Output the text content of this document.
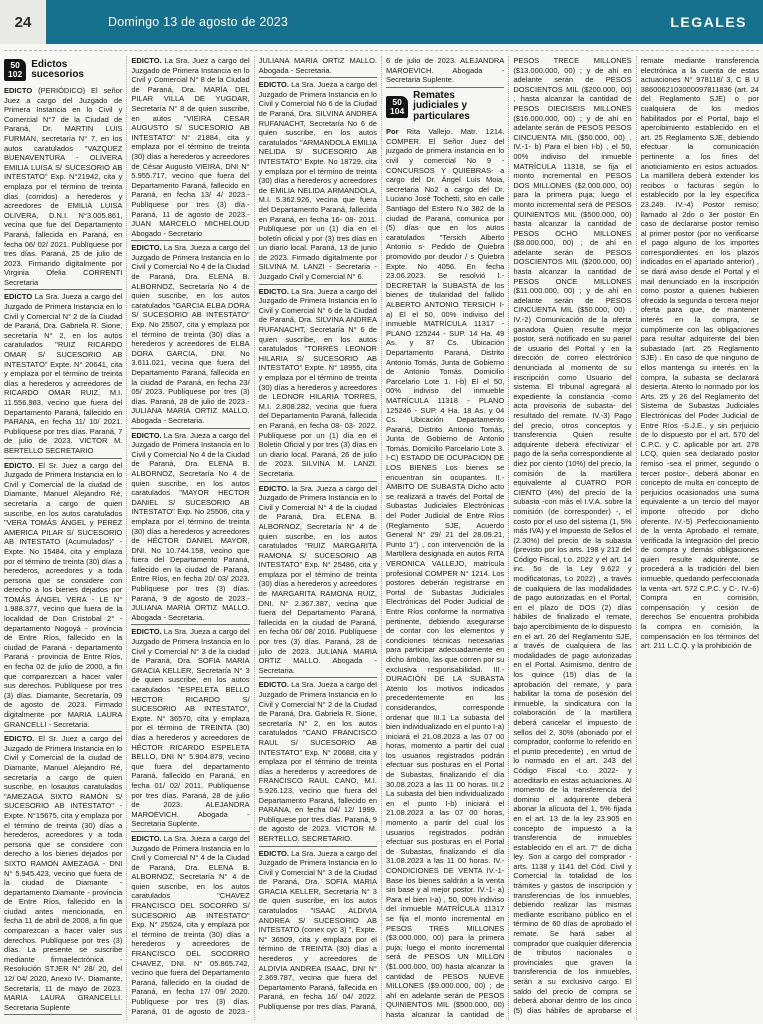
24	Domingo 13 de agosto de 2023	LEGALES
50
102
Edictos sucesorios

EDICTO (PERIÓDICO) El señor Juez a cargo del Juzgado de Primera Instancia en lo Civil y Comercial N°7 de la Ciudad de Paraná, Dr. MARTIN LUIS FURMAN, secretaría N° 7, en los autos caratulados "VAZQUEZ BUENAVENTURA - OLIVERA EMILIA LUISA S/ SUCESORIO AB INTESTATO" Exp. N°21942, cita y emplaza por el término de treinta días (corridos) a herederos y acreedores de EMILIA LUISA OLIVERA, D.N.I. N°3.005.861, vecina que fue del Departamento Paraná, fallecida en Paraná, en fecha 06/ 02/ 2021. Publíquese por tres días. Paraná, 25 de julio de 2023. Firmando digitalmente por Virginia Ofelia CORRENTI Secretaria

EDICTO La Sra. Jueza a cargo del Juzgado de Primera Instancia en lo Civil y Comercial N° 2 de la Ciudad de Paraná, Dra. Gabriela R. Sione, secretaría N° 2, en los autos caratulados "RUIZ RICARDO OMAR S/ SUCESORIO AB INTESTATO" Expte. N° 20641, cita y emplaza por el término de treinta días a herederos y acreedores de RICARDO OMAR RUIZ, M.I. 11.556.983, vecino que fuera del Departamento Paraná, fallecido en PARANA, en fecha 11/ 10/ 2021. Publíquese por tres días. Paraná, 7 de julio de 2023. VICTOR M. BERTELLO SECRETARIO

EDICTO. El Sr. Juez a cargo del Juzgado de Primera Instancia en lo Civil y Comercial de la ciudad de Diamante, Manuel Alejandro Ré, secretaría a cargo de quien suscribe, en los autos caratulados "VERA TOMÁS ÁNGEL y PEREZ AMERICA PILAR S/ SUCESORIO AB INTESTATO (Acumulados)" - Expte. No 15484, cita y emplaza por el término de treinta (30) días a herederos, acreedores y a toda persona que se considere con derecho a los bienes dejados por TOMÁS ÁNGEL VERA - LE N° 1.988.377, vecino que fuera de la localidad de Don Cristobal 2° - departamento Nogoyá - provincia de Entre Ríos, fallecido en la ciudad de Paraná - departamento Paraná - provincia de Entre Ríos, en fecha 02 de julio de 2000, a fin que comparezcan a hacer valer sus derechos. Publíquese por tres (3) días. Diamante, Secretaría, 09 de agosto de 2023. Firmado digitalmente por MARIA LAURA GRANCELLI - Secretaria.

EDICTO. El Sr. Juez a cargo del Juzgado de Primera Instancia en lo Civil y Comercial de la ciudad de Diamante, Manuel Alejandro Ré, secretaría a cargo de quien suscribe, en losautos caratulados "AMEZAGA SIXTO RAMÓN S/ SUCESORIO AB INTESTATO" - Expte. N°15675, cita y emplaza por el término de treinta (30) días a herederos, acreedores y a toda persona que se considere con derecho a los bienes dejados por SIXTO RAMON AMEZAGA - DNI N° 5.945.423, vecino que fuera de la ciudad de Diamante - departamento Diamante - provincia de Entre Ríos, fallecido en la ciudad antes mencionada, en fecha 11 de abril de 2008, a fin que comparezcan a hacer valer sus derechos. Publíquese por tres (3) días. La presente se suscribe mediante firmaelectrónica -Resolución STJER N° 28/ 20, del 12/ 04/ 2020, Anexo IV-. Diamante, Secretaría, 11 de mayo de 2023. MARIA LAURA GRANCELLI. Secretaria Suplente

EDICTO. La Sra. Juez a cargo del Juzgado de Primera Instancia en lo Civil y Comercial N° 8 de la Ciudad de Paraná, Dra. MARÍA DEL PILAR VILLA DE YUGDAR, Secretaría N° 8 de quien suscribe, en autos "VIEIRA CESAR AUGUSTO S/ SUCESORIO AB INTESTATO" N° 21884, cita y emplaza por el término de treinta (30) días a herederos y acreedores de César Augusto VIEIRA, DNI N° 5.955.717, vecino que fuera del Departamento Paraná, fallecido en Paraná, en fecha 13/ 4/ 2023.- Publíquese por tres (3) día.- Paraná, 11 de agosto de 2023.- JUAN MARCELO MICHELOUD Abogado - Secretario

EDICTO. La Sra. Jueza a cargo del Juzgado de Primera Instancia en lo Civil y Comercial No 4 de la Ciudad de Paraná, Dra. ELENA B. ALBORNOZ, Secretaría No 4 de quien suscribe, en los autos caratulados "GARCIA ELBA DORA S/ SUCESORIO AB INTESTATO" Exp. No 25507, cita y emplaza por el término de treinta (30) días a herederos y acreedores de ELBA DORA GARCIA, DNI. No 3.611.021, vecina que fuera del Departamento Paraná, fallecida en la ciudad de Paraná, en fecha 23/ 05/ 2023. Publíquese por tres (3) días. Paraná, 28 de julio de 2023.- JULIANA MARIA ORTIZ MALLO. Abogada - Secretaria.

EDICTO. La Sra. Jueza a cargo del Juzgado de Primera Instancia en lo Civil y Comercial No 4 de la Ciudad de Paraná, Dra. ELENA B. ALBORNOZ, Secretaría No 4 de quien suscribe, en los autos caratulados "MAYOR HECTOR DANIEL S/ SUCESORIO AB INTESTATO" Exp. No 25506, cita y emplaza por el término de treinta (30) días a herederos y acreedores de HÉCTOR DANIEL MAYOR, DNI. No 10.744.158, vecino que fuera del Departamento Paraná, fallecido en la ciudad de Paraná, Entre Ríos, en fecha 20/ 03/ 2023. Publíquese por tres (3) días. Paraná, 9 de agosto de 2023.- JULIANA MARIA ORTIZ MALLO. Abogada - Secretaria.

EDICTO. La Sra. Jueza a cargo del Juzgado de Primera Instancia en lo Civil y Comercial N° 3 de la ciudad de Paraná, Dra. SOFIA MARIA GRACIA KELLER, Secretaría N° 3 de quien suscribe, en los autos caratulados "ESPELETA BELLO HECTOR RICARDO S/ SUCESORIO AB INTESTATO", Expte. N° 36570, cita y emplaza por el término de TREINTA (30) días a herederos y acreedores de HÉCTOR RICARDO ESPELETA BELLO, DNI N° 5.904.879, vecino que fuera del departamento Paraná, fallecido en Paraná, en fecha 01/ 02/ 2011. Publíquense por tres días. Paraná, 28 de julio de 2023. ALEJANDRA MAROEVICH. Abogada - Secretaria Suplente.

EDICTO. La Sra. Jueza a cargo del Juzgado de Primera Instancia en lo Civil y Comercial N° 4 de la Ciudad de Paraná, Dra. ELENA B. ALBORNOZ, Secretaría N° 4 de quien suscribe, en los autos caratulados "CHAVEZ FRANCISCO DEL SOCORRO S/ SUCESORIO AB INTESTATO" Exp. N° 25524, cita y emplaza por el término de treinta (30) días a herederos y acreedores de FRANCISCO DEL SOCORRO CHAVEZ, DNI. N° 05.865.742, vecino que fuera del Departamento Paraná, fallecido en la ciudad de Paraná, en fecha 17/ 09/ 2020. Publíquese por tres (3) días. Paraná, 01 de agosto de 2023.- JULIANA MARIA ORTIZ MALLO. Abogada - Secretaria.

EDICTO. La Sra. Jueza a cargo del Juzgado de Primera Instancia en lo Civil y Comercial No 6 de la Ciudad de Paraná, Dra. SILVINA ANDREA RUFANACHT, Secretaría No 6 de quien suscribe, en los autos caratulados "ARMANDOLA EMILIA NELIDA S/ SUCESORIO AB INTESTATO" Expte. No 18729, cita y emplaza por el término de treinta (30) días a herederos y acreedores de EMILIA NELIDA ARMANDOLA, M.I. 5.362.926, vecina que fuera del Departamento Paraná, fallecida en Paraná, en fecha 16- 08- 2011. Publíquese por un (1) día en el boletín oficial y por (3) tres días en un diario local. Paraná, 13 de junio de 2023. Firmado digitalmente por SILVINA M. LANZI - Secretaria - Juzgado Civil y Comercial N° 6.

EDICTO. La Sra. Jueza a cargo del Juzgado de Primera Instancia en lo Civil y Comercial N° 6 de la Ciudad de Paraná, Dra. SILVINA ANDREA RUFANACHT, Secretaría N° 6 de quien suscribe, en los autos caratulados "TORRES LEONOR HILARIA S/ SUCESORIO AB INTESTATO" Expte. N° 18955, cita y emplaza por el término de treinta (30) días a herederos y acreedores de LEONOR HILARIA TORRES, M.I. 2.808.282, vecina que fuera del Departamento Paraná, fallecida en Paraná, en fecha 08- 03- 2022. Publíquese por un (1) día en el Boletin Oficial y por tres (3) días en un diario local. Paraná, 26 de julio de 2023. SILVINA M. LANZI. Secretaria.

EDICTO. la Sra. Jueza a cargo del Juzgado de Primera Instancia en lo Civil y Comercial N° 4 de la ciudad de Paraná, Dra. ELENA B. ALBORNOZ, Secretaría N° 4 de quien suscribe, en los autos caratulados "RUIZ MARGARITA RAMONA S/ SUCESORIO AB INTESTATO" Exp. N° 25486, cita y emplaza por el término de treinta (30) días a herederos y acreedores de MARGARITA RAMONA RUIZ, DNI. N° 2.367.387, vecina que fuera del Departamento Paraná, fallecida en la ciudad de Paraná, en fecha 06/ 08/ 2016. Publíquese por tres (3) días. Paraná, 28 de julio de 2023. JULIANA MARIA ORTIZ MALLO. Abogada - Secretaria.

EDICTO. La Sra. Jueza a cargo del Juzgado de Primera Instancia en lo Civil y Comercial N° 2 de la Ciudad de Paraná, Dra. Gabriela R. Sione, secretaría N° 2, en los autos caratulados "CANO FRANCISCO RAUL S/ SUCESORIO AB INTESTATO" Exp. N° 20688, cita y emplaza por el término de treinta días a herederos y acreedores de FRANCISCO RAUL CANO, M.I. 5.926.123, vecino que fuera del Departamento Paraná, fallecido en PARANA, en fecha 04/ 12/ 1999. Publíquese por tres días. Paraná, 9 de agosto de 2023. VICTOR M. BERTELLO. SECRETARIO.

EDICTO. La Sra. Jueza a cargo del Juzgado de Primera Instancia en lo Civil y Comercial N° 3 de la Ciudad de Paraná, Dra. SOFIA MARIA GRACIA KELLER, Secretaría N° 3 de quien suscribe, en los autos caratulados "ISAAC ALDIVIA ANDREA S/ SUCESORIO AB INTESTATO (conex cyc 3) ", Expte. N° 36509, cita y emplaza por el término de TREINTA (30) días a herederos y acreedores de ALDIVIA ANDREA ISAAC, DNI N° 2.369.787, vecina que fuera del Departamento Paraná, fallecida en Paraná, en fecha 16/ 04/ 2022. Publíquense por tres días. Paraná, 6 de julio de 2023. ALEJANDRA MAROEVICH. Abogada - Secretaria Suplente.

50
104
Remates judiciales y particulares

Por Rita Vallejo. Matr. 1214. COMPER. El Señor Juez del juzgado de primera instancia en lo civil y comercial No 9 - CONCURSOS Y QUIEBRAS- a cargo del Dr. Ángel Luis Moia, secretaria No2 a cargo del Dr. Luciano José Tochetti, sito en calle Santiago del Estero N.o 382 de la ciudad de Paraná, comunica por (5) días que en los autos caratulados "Tersich Alberto Antonio s- Pedido de Quiebra promovido por deudor / s Quiebra Expte. No 4056. En fecha 23.06.2023. Se resolvió I.- DECRETAR la SUBASTA de los bienes de titularidad del fallido ALBERTO ANTONIO TERSICH I-a) El el 50, 00% indiviso del inmueble MATRÍCULA 11317 - PLANO 125244 - SUP. 14 Ha. 49 As. y 87 Cs. Ubicación Departamento Paraná, Distrito Antonio Tomás, Junta de Gobierno de Antonio Tomás. Domicilio Parcelario Lote 1. I-b) El el 50, 00% indiviso del inmueble MATRÍCULA 11318 - PLANO 125246 - SUP. 4 Ha. 18 As. y 04 Cs. Ubicación Departamento Paraná, Distrito Antonio Tomás, Junta de Gobierno de Antonio Tomás. Domicilio Parcelario Lote 3. I-C) ESTADO DE OCUPACION DE LOS BIENES Los bienes se encuentran sin ocupantes. II.- ÁMBITO DE SUBASTA Dicho acto se realizará a través del Portal de Subastas Judiciales Electrónicas del Poder Judicial de Entre Ríos (Reglamento SJE, Acuerdo General N° 29/ 21 del 28.09.21, Punto 1°) , con intervención de la Martillera designada en autos RITA VERONICA VALLEJO, matrícula profesional COMPER N° 1214. Los postores deberán registrarse en Portal de Subastas Judiciales Electrónicas del Poder Judicial de Entre Ríos conforme la normativa pertinente, debiendo asegurarse de contar con los elementos y condiciones técnicas necesarias para participar adecuadamente en dicho ámbito, las que corren por su exclusiva responsabilidad. III.- DURACIÓN DE LA SUBASTA Atento los motivos indicados precedentemente en los considerandos, corresponde ordenar que III.1 La subasta del bien individualizado en el punto I-a) iniciará el 21.08.2023 a las 07 00 horas, momento a partir del cual los usuarios registrados podrán efectuar sus posturas en el Portal de Subastas, finalizando el día 30.08.2023 a las 11 00 horas. III.2 La subasta del bien individualizado en el punto I-b) iniciará el 21.08.2023 a las 07 00 horas, momento a partir del cual los usuarios registrados podrán efectuar sus posturas en el Portal de Subastas, finalizando el día 31.08.2023 a las 11 00 horas. IV.- CONDICIONES DE VENTA IV.-1- Base los bienes saldrán a la venta sin base y al mejor postor. IV.-1- a) Para el bien I-a) , 50, 00% indiviso del inmueble MATRÍCULA 11317 se fija el monto incremental en PESOS TRES MILLONES ($3.000.000, 00) para la primera puja; luego el monto incremental será de PESOS UN MILLON ($1.000.000, 00) hasta alcanzar la cantidad de PESOS NUEVE MILLONES ($9.000.000, 00) ; de ahí en adelante serán de PESOS QUINIENTOS MIL ($500.000, 00) hasta alcanzar la cantidad de PESOS TRECE MILLONES ($13.000.000, 00) ; y de ahí en adelante serán de PESOS DOSCIENTOS MIL ($200.000, 00) , hasta alcanzar la cantidad de PESOS DIECISEIS MILLONES ($16.000.000, 00) ; y de ahí en adelante serán de PESOS PESOS CINCUENTA MIL ($50.000, 00) . IV.-1- b) Para el bien I-b) , el 50, 00% indiviso del inmueble MATRÍCULA 11318, se fija el monto incremental en PESOS DOS MILLONES ($2.000.000, 00) para la primera puja; luego el monto incremental será de PESOS QUINIENTOS MIL ($500.000, 00) hasta alcanzar la cantidad de PESOS OCHO MILLONES ($8.000.000, 00) ; de ahí en adelante serán de PESOS DOSCIENTOS MIL ($200.000, 00) hasta alcanzar la cantidad de PESOS ONCE MILLONES ($11.000.000, 00) ; y de ahí en adelante serán de PESOS CINCUENTA MIL ($50.000, 00) . IV.-2) Comunicación de la oferta ganadora Quien resulte mejor postor, será notificado en su panel de usuario del Portal y en la dirección de correo electrónico denunciada al momento de su inscripción como Usuario del sistema. El tribunal agregará al expediente la constancia -como acta provisoria de subasta- del resultado del remate. IV.-3) Pago del precio, otros conceptos y transferencia Quien resulte adquirente deberá efectivizar el pago de la seña correspondiente al diez por ciento (10%) del precio, la comisión de la martillera equivalente al CUATRO POR CIENTO (4%) del precio de la subasta -con más el I.V.A. sobre la comisión (de corresponder) -, el costo por el uso del sistema (1, 5% más IVA) y el Impuesto de Sellos el (2.30%) del precio de la subasta (previsto por los arts. 198 y 212 del Código Fiscal, t.o. 2022 y el art. 14 inc. 5o de la Ley 9.622 y modificatorias, t.o 2022) , a través de cualquiera de las modalidades de pago autorizadas en el Portal, en el plazo de DOS (2) días hábiles de finalizado el remate, bajo apercibimiento de lo dispuesto en el art. 26 del Reglamento SJE, a través de cualquiera de las modalidades de pago autorizadas en el Portal. Asimismo, dentro de los quince (15) días de la aprobación del remate, y para habilitar la toma de posesión del inmueble, la sindicatura con la colaboración de la martillera deberá cancelar el impuesto de sellos del 2, 30% (abonado por el comprador, conforme lo referido en el punto precedente) , en virtud de lo normado en el art. 243 del Código Fiscal -t.o. 2022- y acreditarlo en estas actuaciones. Al momento de la transferencia del dominio el adquirente deberá abonar la alícuota del 1, 5% fijada en el art. 13 de la ley 23.905 en concepto de impuesto a la transferencia de inmuebles establecido en el art. 7° de dicha ley. Son a cargo del comprador -arts. 1138 y 1141 del Cód. Civil y Comercial la totalidad de los trámites y gastos de inscripción y transferencias de los inmuebles, debiendo realizar las mismas mediante escribano público en el término de 60 días de aprobado el remate. Se hará saber al comprador que cualquier diferencia de tributos nacionales o provinciales que graven la transferencia de los inmuebles, serán a su exclusivo cargo. El saldo del precio de compra se deberá abonar dentro de los cinco (5) días hábiles de aprobarse el remate mediante transferencia electrónica a la cuenta de estas actuaciones N° 978118/ 3, C B U 3860062103000097811836 (art. 24 del Reglamento SJE) o por cualquiera de los medios habilitados por el Portal, bajo el apercibimiento establecido en el art. 25 Reglamento SJE, debiendo efectuar la comunicación pertinente a los fines del anoticiamiento en estos actuados. La martillera deberá extender los recibos o facturas según lo establecido por la ley específica 23.249. IV.-4) Postor remiso; llamado al 2do o 3er postor En caso de declararse postor remiso al primer postor (por no verificarse el pago alguno de los importes correspondientes en los plazos indicados en el apartado anterior) , se dará aviso desde el Portal y el mail denunciado en la inscripción como postor a quienes hubieren ofrecido la segunda o tercera mejor oferta para que, de mantener interés en la compra, se cumplimente con las obligaciones para resultar adquirente del bien subastado (art. 25 Reglamento SJE) . En caso de que ninguno de ellos mantenga su interés en la compra, la subasta se declarará desierta. Atento lo normado por los Arts. 25 y 26 del Reglamento del Sistema de Subastas Judiciales Electrónicas del Poder Judicial de Entre Ríos -S.J.E., y sin perjuicio de lo dispuesto por el art. 570 del C.P.C. y C. aplicable por art. 278 LCQ, quien sea declarado postor remiso -sea el primer, segundo o tercer postor-, deberá abonar en concepto de multa en concepto de perjuicios ocasionados una suma equivalente a un tercio del mayor importe ofrecido por dicho oferente. IV.-5) Perfeccionamiento de la venta Aprobado el remate, verificada la integración del precio de compra y demás obligaciones quien resulte adquirente, se procederá a la tradición del bien inmueble, quedando perfeccionada la venta -art. 572 C.P.C. y C-. IV.-6) Compra en comisión, compensación y cesión de derechos Se encuentra prohibida la compra en comisión, la compensación en los términos del art. 211 L.C.Q. y la prohibición de
